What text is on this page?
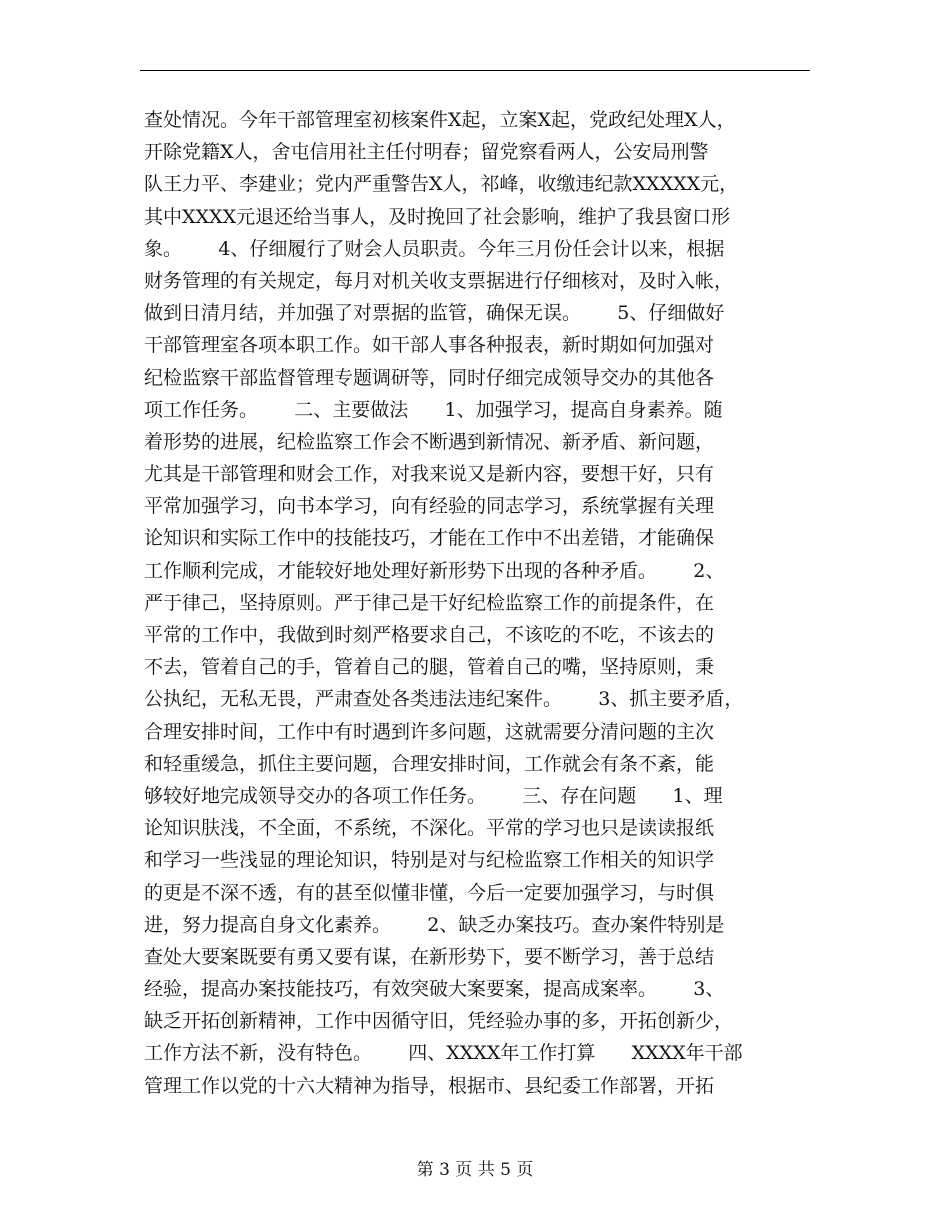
查处情况。今年干部管理室初核案件X起，立案X起，党政纪处理X人，
开除党籍X人，舍屯信用社主任付明春；留党察看两人，公安局刑警
队王力平、李建业；党内严重警告X人，祁峰，收缴违纪款XXXXX元，
其中XXXX元退还给当事人，及时挽回了社会影响，维护了我县窗口形
象。      4、仔细履行了财会人员职责。今年三月份任会计以来，根据
财务管理的有关规定，每月对机关收支票据进行仔细核对，及时入帐，
做到日清月结，并加强了对票据的监管，确保无误。      5、仔细做好
干部管理室各项本职工作。如干部人事各种报表，新时期如何加强对
纪检监察干部监督管理专题调研等，同时仔细完成领导交办的其他各
项工作任务。      二、主要做法      1、加强学习，提高自身素养。随
着形势的进展，纪检监察工作会不断遇到新情况、新矛盾、新问题，
尤其是干部管理和财会工作，对我来说又是新内容，要想干好，只有
平常加强学习，向书本学习，向有经验的同志学习，系统掌握有关理
论知识和实际工作中的技能技巧，才能在工作中不出差错，才能确保
工作顺利完成，才能较好地处理好新形势下出现的各种矛盾。      2、
严于律己，坚持原则。严于律己是干好纪检监察工作的前提条件，在
平常的工作中，我做到时刻严格要求自己，不该吃的不吃，不该去的
不去，管着自己的手，管着自己的腿，管着自己的嘴，坚持原则，秉
公执纪，无私无畏，严肃查处各类违法违纪案件。      3、抓主要矛盾，
合理安排时间，工作中有时遇到许多问题，这就需要分清问题的主次
和轻重缓急，抓住主要问题，合理安排时间，工作就会有条不紊，能
够较好地完成领导交办的各项工作任务。      三、存在问题      1、理
论知识肤浅，不全面，不系统，不深化。平常的学习也只是读读报纸
和学习一些浅显的理论知识，特别是对与纪检监察工作相关的知识学
的更是不深不透，有的甚至似懂非懂，今后一定要加强学习，与时俱
进，努力提高自身文化素养。      2、缺乏办案技巧。查办案件特别是
查处大要案既要有勇又要有谋，在新形势下，要不断学习，善于总结
经验，提高办案技能技巧，有效突破大案要案，提高成案率。      3、
缺乏开拓创新精神，工作中因循守旧，凭经验办事的多，开拓创新少，
工作方法不新，没有特色。      四、XXXX年工作打算      XXXX年干部
管理工作以党的十六大精神为指导，根据市、县纪委工作部署，开拓
第 3 页 共 5 页
